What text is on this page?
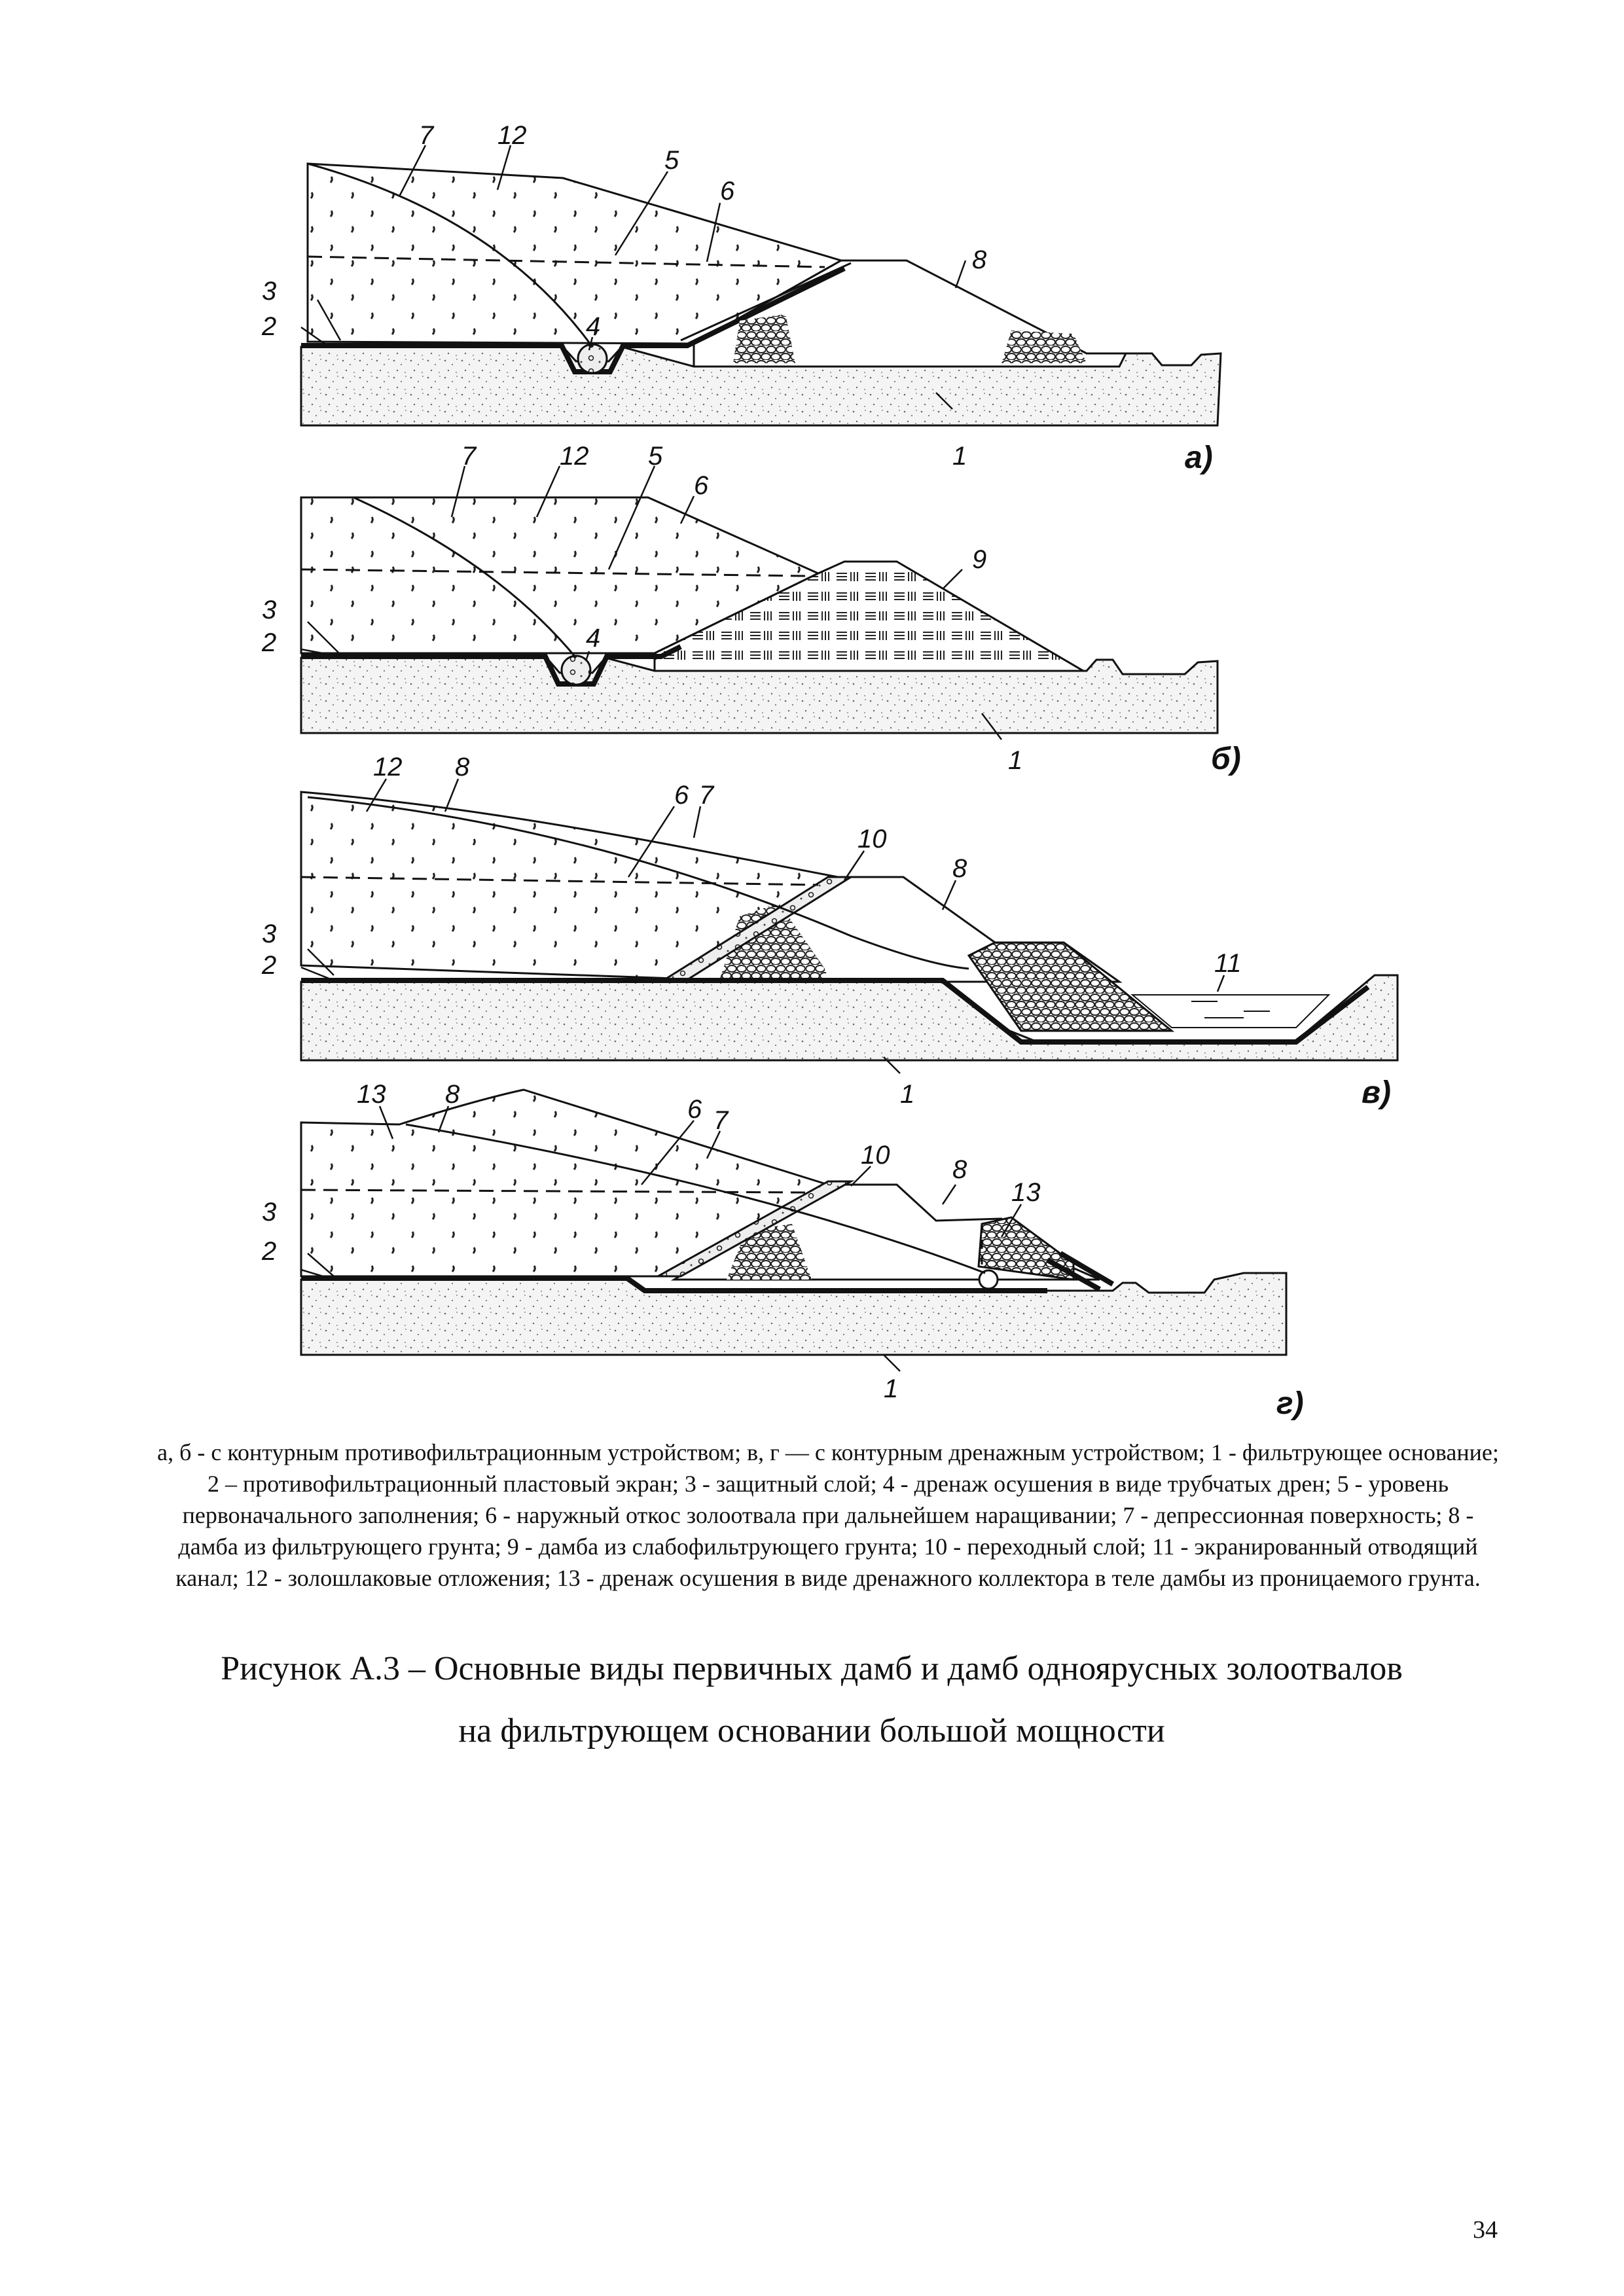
7 12
5
6
8
3
2	4
1	а)
7	12 5
6
9
3
2	4
1	б)
12 8
6 7
10
8
11
3
2
1	в)
13 8
6 7
10 8
13
3
2
1	г)
а, б - с контурным противофильтрационным устройством; в, г — с контурным дренажным устройством; 1 - фильтрующее основание; 2 – противофильтрационный пластовый экран; 3 - защитный слой; 4 - дренаж осушения в виде трубчатых дрен; 5 - уровень первоначального заполнения; 6 - наружный откос золоотвала при дальнейшем наращивании; 7 - депрессионная поверхность; 8 - дамба из фильтрующего грунта; 9 - дамба из слабофильтрующего грунта; 10 - переходный слой; 11 - экранированный отводящий канал; 12 - золошлаковые отложения; 13 - дренаж осушения в виде дренажного коллектора в теле дамбы из проницаемого грунта.
Рисунок А.3 – Основные виды первичных дамб и дамб одноярусных золоотвалов
на фильтрующем основании большой мощности
34
